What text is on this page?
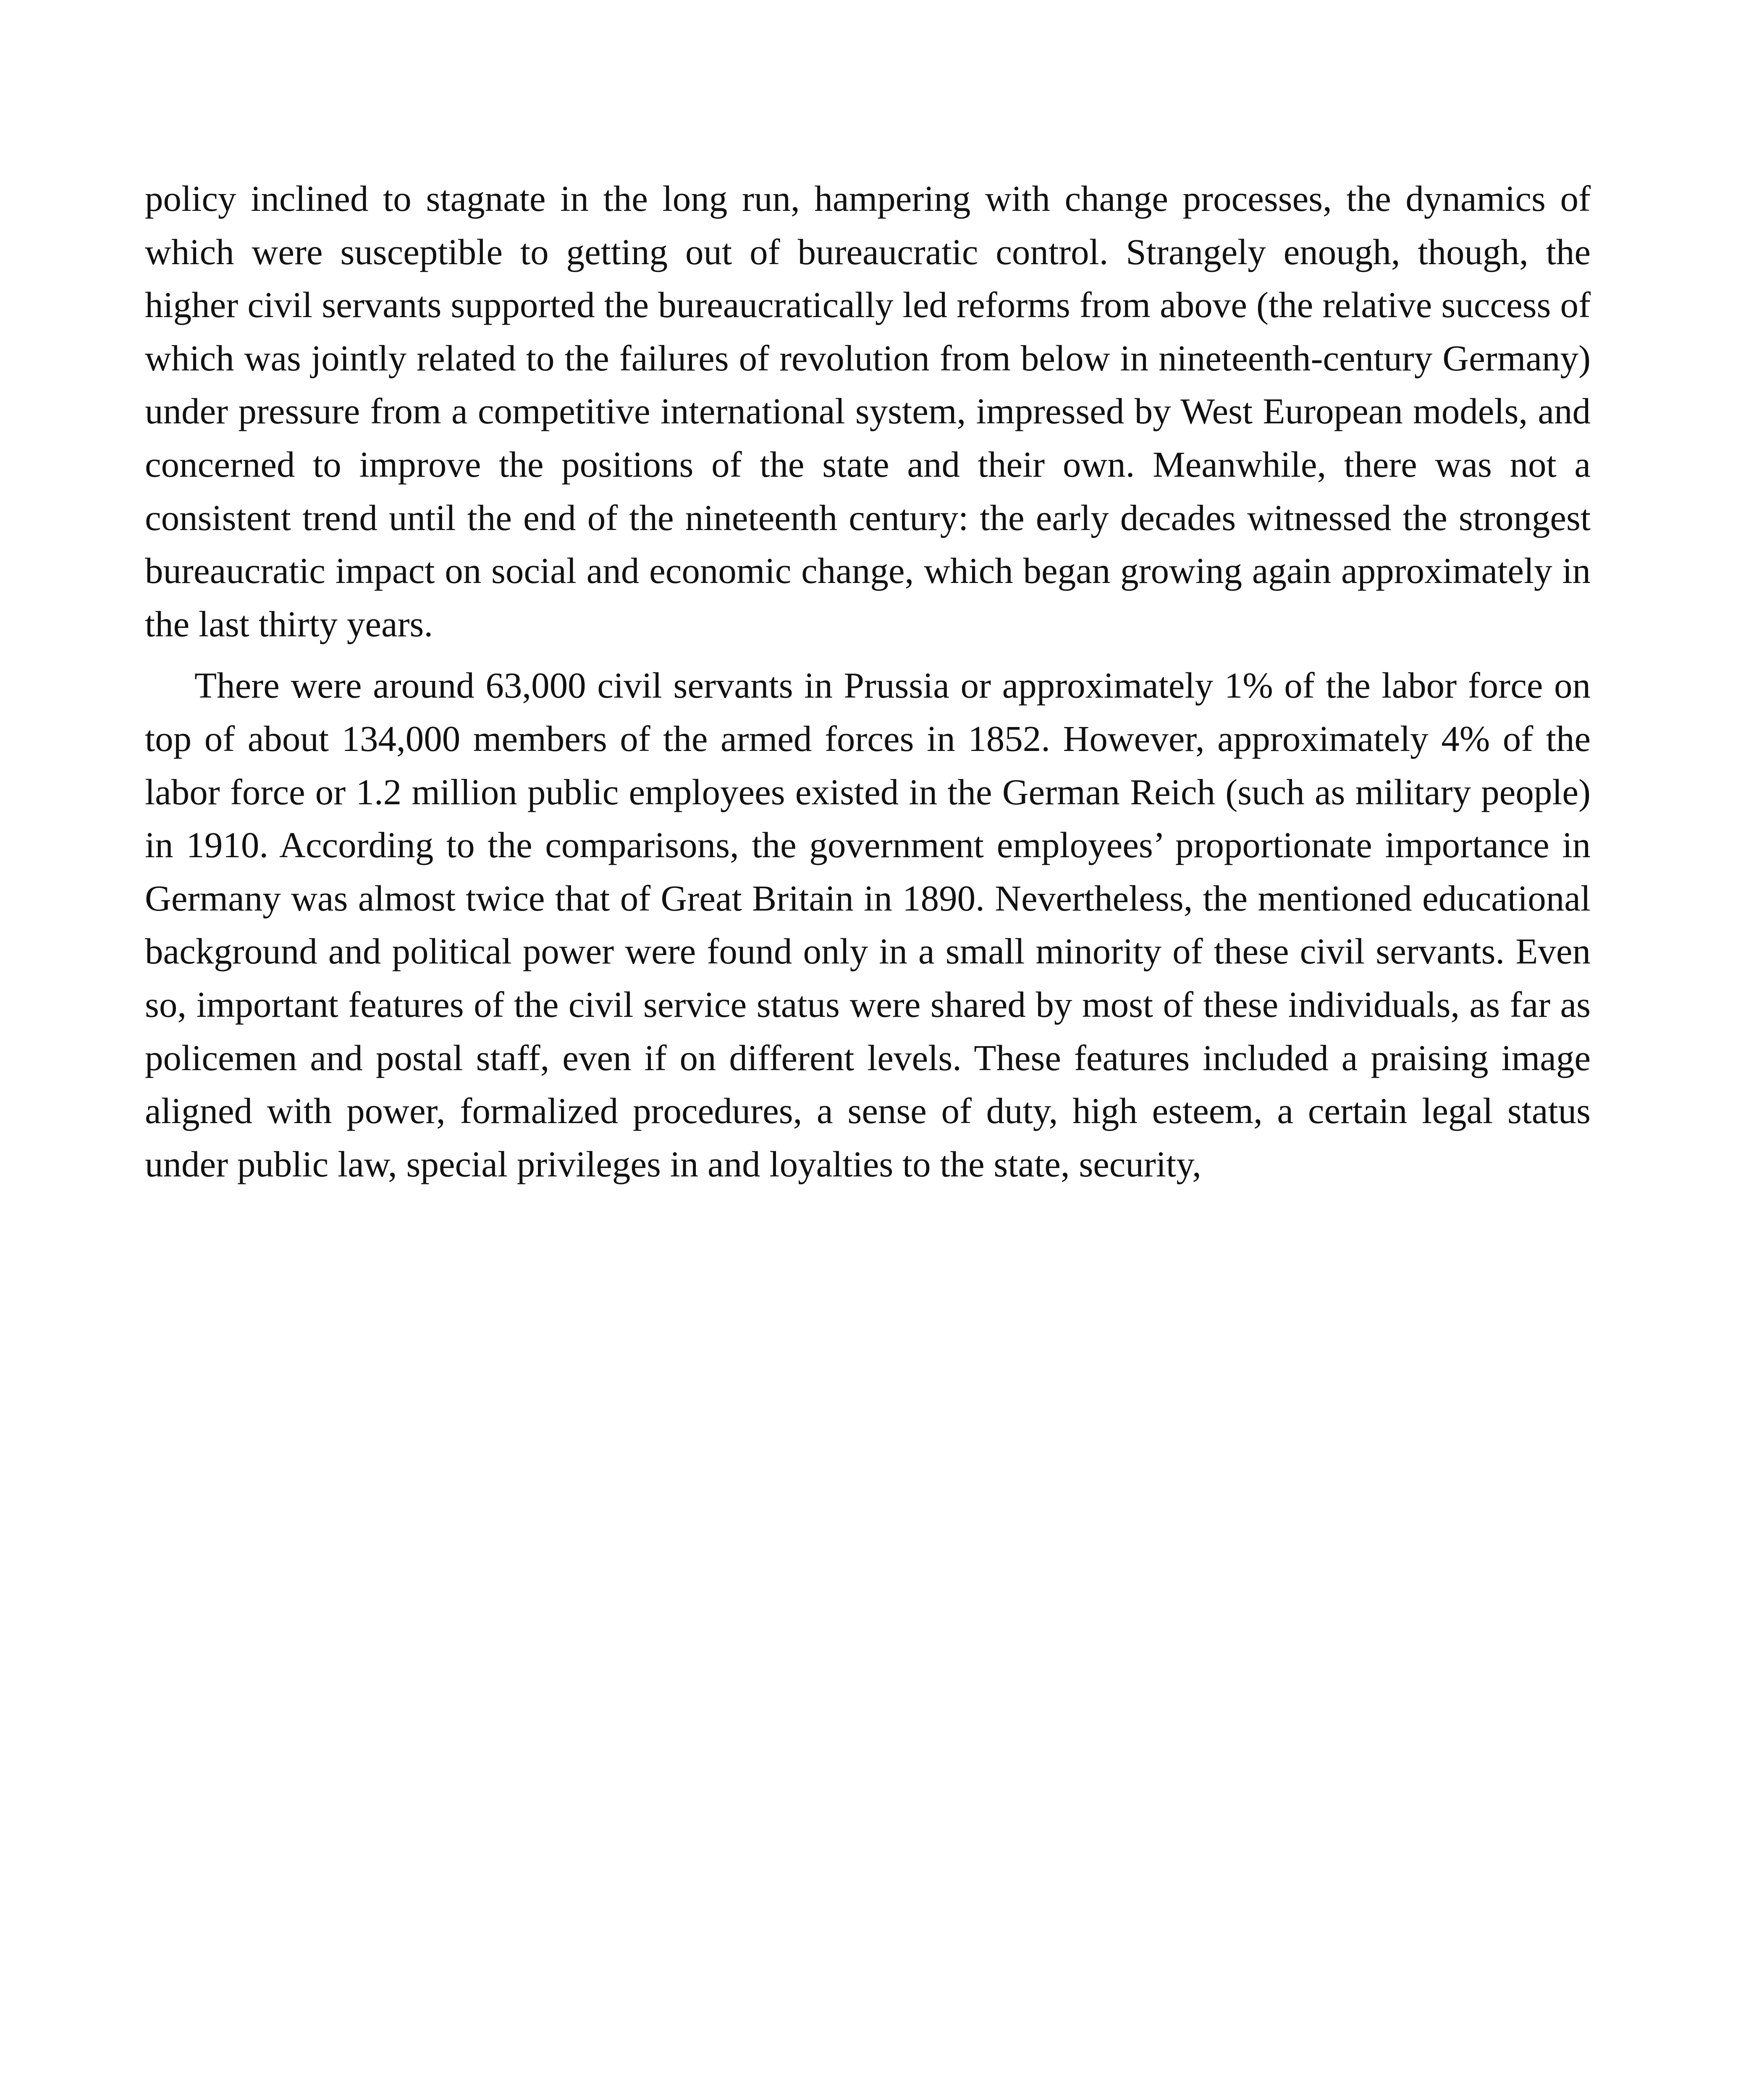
policy inclined to stagnate in the long run, hampering with change processes, the dynamics of which were susceptible to getting out of bureaucratic control. Strangely enough, though, the higher civil servants supported the bureaucratically led reforms from above (the relative success of which was jointly related to the failures of revolution from below in nineteenth-century Germany) under pressure from a competitive international system, impressed by West European models, and concerned to improve the positions of the state and their own. Meanwhile, there was not a consistent trend until the end of the nineteenth century: the early decades witnessed the strongest bureaucratic impact on social and economic change, which began growing again approximately in the last thirty years.

There were around 63,000 civil servants in Prussia or approximately 1% of the labor force on top of about 134,000 members of the armed forces in 1852. However, approximately 4% of the labor force or 1.2 million public employees existed in the German Reich (such as military people) in 1910. According to the comparisons, the government employees’ proportionate importance in Germany was almost twice that of Great Britain in 1890. Nevertheless, the mentioned educational background and political power were found only in a small minority of these civil servants. Even so, important features of the civil service status were shared by most of these individuals, as far as policemen and postal staff, even if on different levels. These features included a praising image aligned with power, formalized procedures, a sense of duty, high esteem, a certain legal status under public law, special privileges in and loyalties to the state, security,
